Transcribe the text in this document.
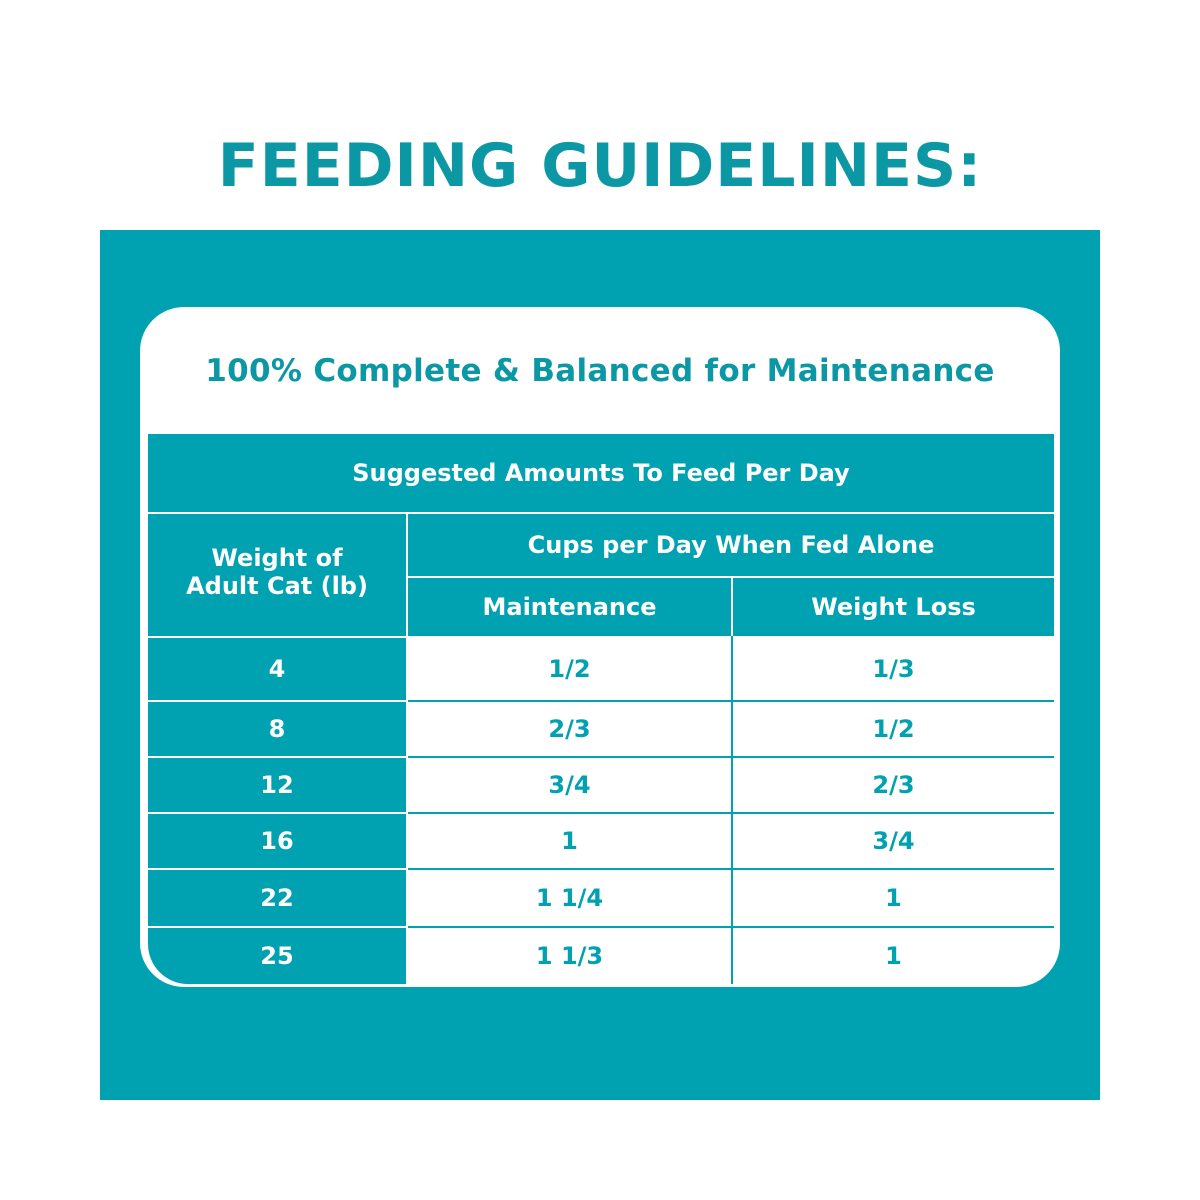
FEEDING GUIDELINES:
100% Complete & Balanced for Maintenance
Suggested Amounts To Feed Per Day
Weight of
Adult Cat (lb)
Cups per Day When Fed Alone
Maintenance	Weight Loss
4	1/2	1/3
8	2/3	1/2
12	3/4	2/3
16	1	3/4
22	1 1/4	1
25	1 1/3	1
